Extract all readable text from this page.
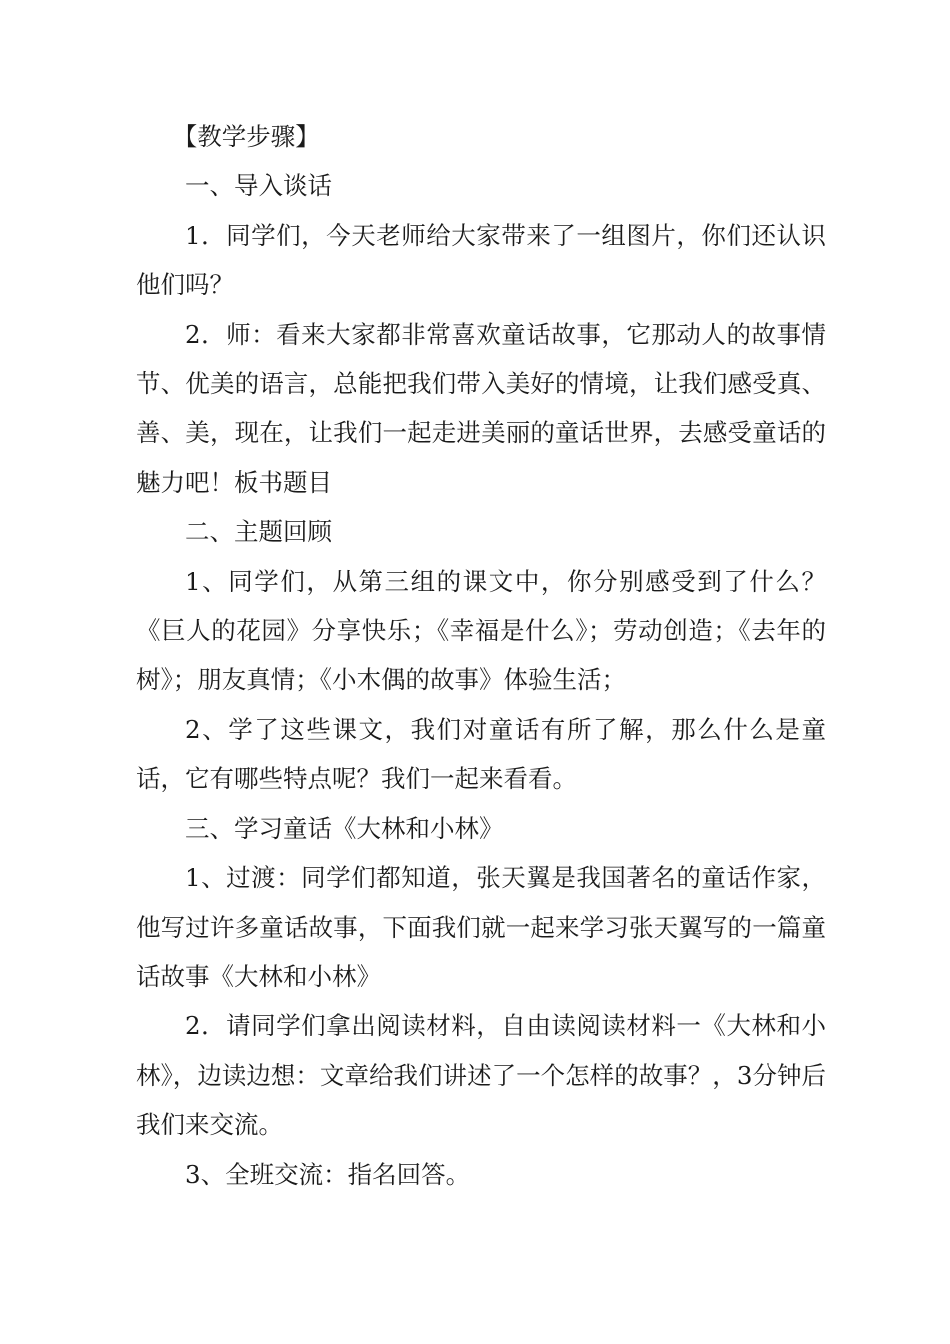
【教学步骤】

一、导入谈话

1．同学们，今天老师给大家带来了一组图片，你们还认识他们吗？

2．师：看来大家都非常喜欢童话故事，它那动人的故事情节、优美的语言，总能把我们带入美好的情境，让我们感受真、善、美，现在，让我们一起走进美丽的童话世界，去感受童话的魅力吧！板书题目

二、主题回顾

1、同学们，从第三组的课文中，你分别感受到了什么？《巨人的花园》分享快乐；《幸福是什么》；劳动创造；《去年的树》；朋友真情；《小木偶的故事》体验生活；

2、学了这些课文，我们对童话有所了解，那么什么是童话，它有哪些特点呢？我们一起来看看。

三、学习童话《大林和小林》

1、过渡：同学们都知道，张天翼是我国著名的童话作家，他写过许多童话故事，下面我们就一起来学习张天翼写的一篇童话故事《大林和小林》

2．请同学们拿出阅读材料，自由读阅读材料一《大林和小林》，边读边想：文章给我们讲述了一个怎样的故事？，3分钟后我们来交流。

3、全班交流：指名回答。
